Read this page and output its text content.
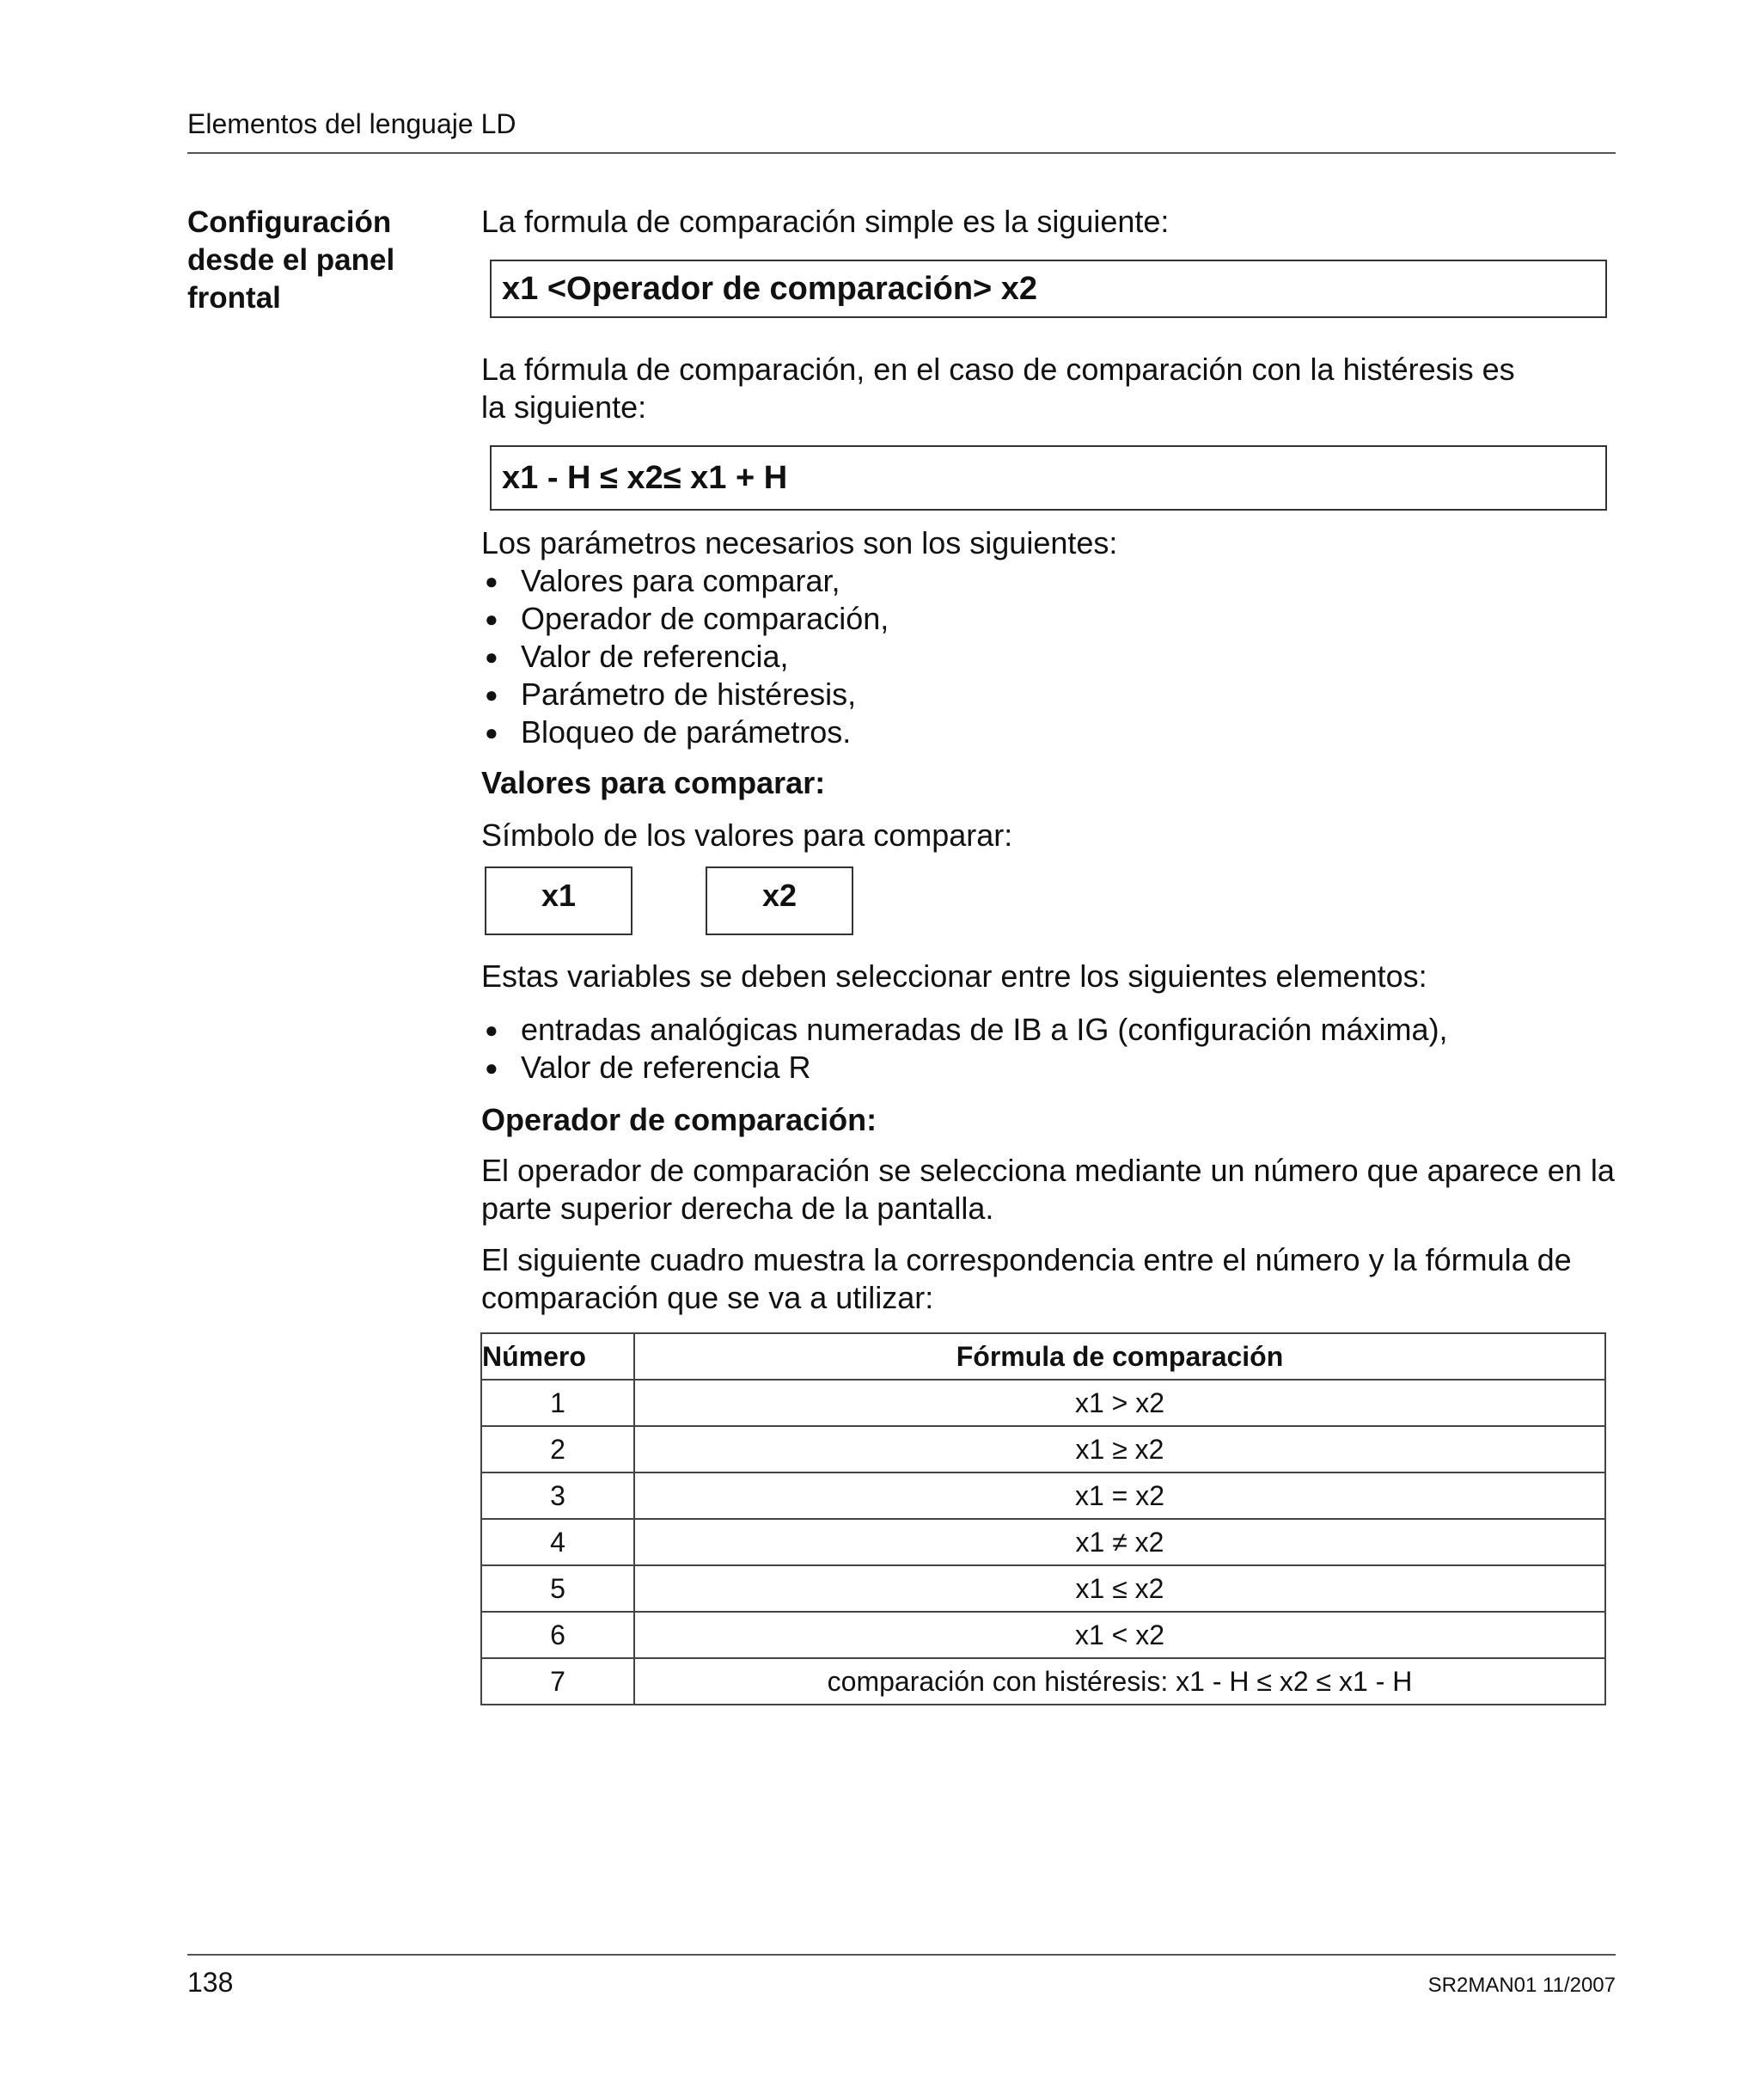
Elementos del lenguaje LD
Configuración
desde el panel
frontal
La formula de comparación simple es la siguiente:
x1 <Operador de comparación> x2
La fórmula de comparación, en el caso de comparación con la histéresis es
la siguiente:
x1 - H ≤ x2≤ x1 + H
Los parámetros necesarios son los siguientes:
● Valores para comparar,
● Operador de comparación,
● Valor de referencia,
● Parámetro de histéresis,
● Bloqueo de parámetros.
Valores para comparar:
Símbolo de los valores para comparar:
x1	x2
Estas variables se deben seleccionar entre los siguientes elementos:
● entradas analógicas numeradas de IB a IG (configuración máxima),
● Valor de referencia R
Operador de comparación:
El operador de comparación se selecciona mediante un número que aparece en la
parte superior derecha de la pantalla.
El siguiente cuadro muestra la correspondencia entre el número y la fórmula de
comparación que se va a utilizar:
Número	Fórmula de comparación
1	x1 > x2
2	x1 ≥ x2
3	x1 = x2
4	x1 ≠ x2
5	x1 ≤ x2
6	x1 < x2
7	comparación con histéresis: x1 - H ≤ x2 ≤ x1 - H
138	SR2MAN01 11/2007
